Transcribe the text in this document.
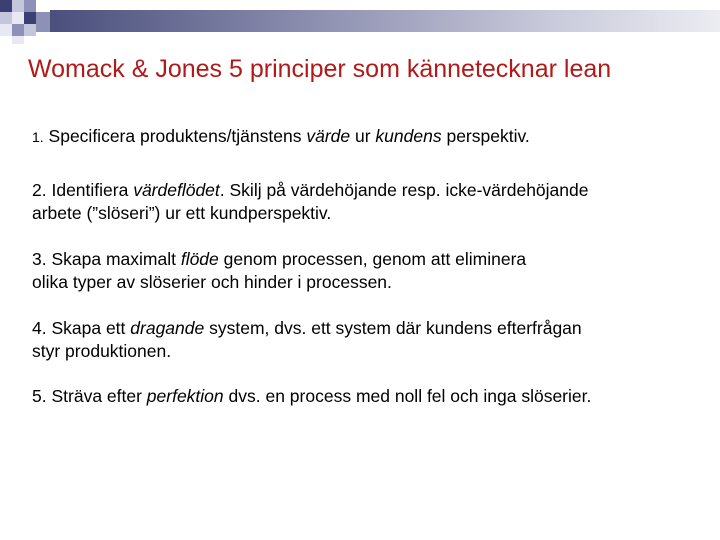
Womack & Jones 5 principer som kännetecknar lean

1. Specificera produktens/tjänstens värde ur kundens perspektiv.

2. Identifiera värdeflödet. Skilj på värdehöjande resp. icke-värdehöjande
arbete (”slöseri”) ur ett kundperspektiv.

3. Skapa maximalt flöde genom processen, genom att eliminera
olika typer av slöserier och hinder i processen.

4. Skapa ett dragande system, dvs. ett system där kundens efterfrågan
styr produktionen.

5. Sträva efter perfektion dvs. en process med noll fel och inga slöserier.
